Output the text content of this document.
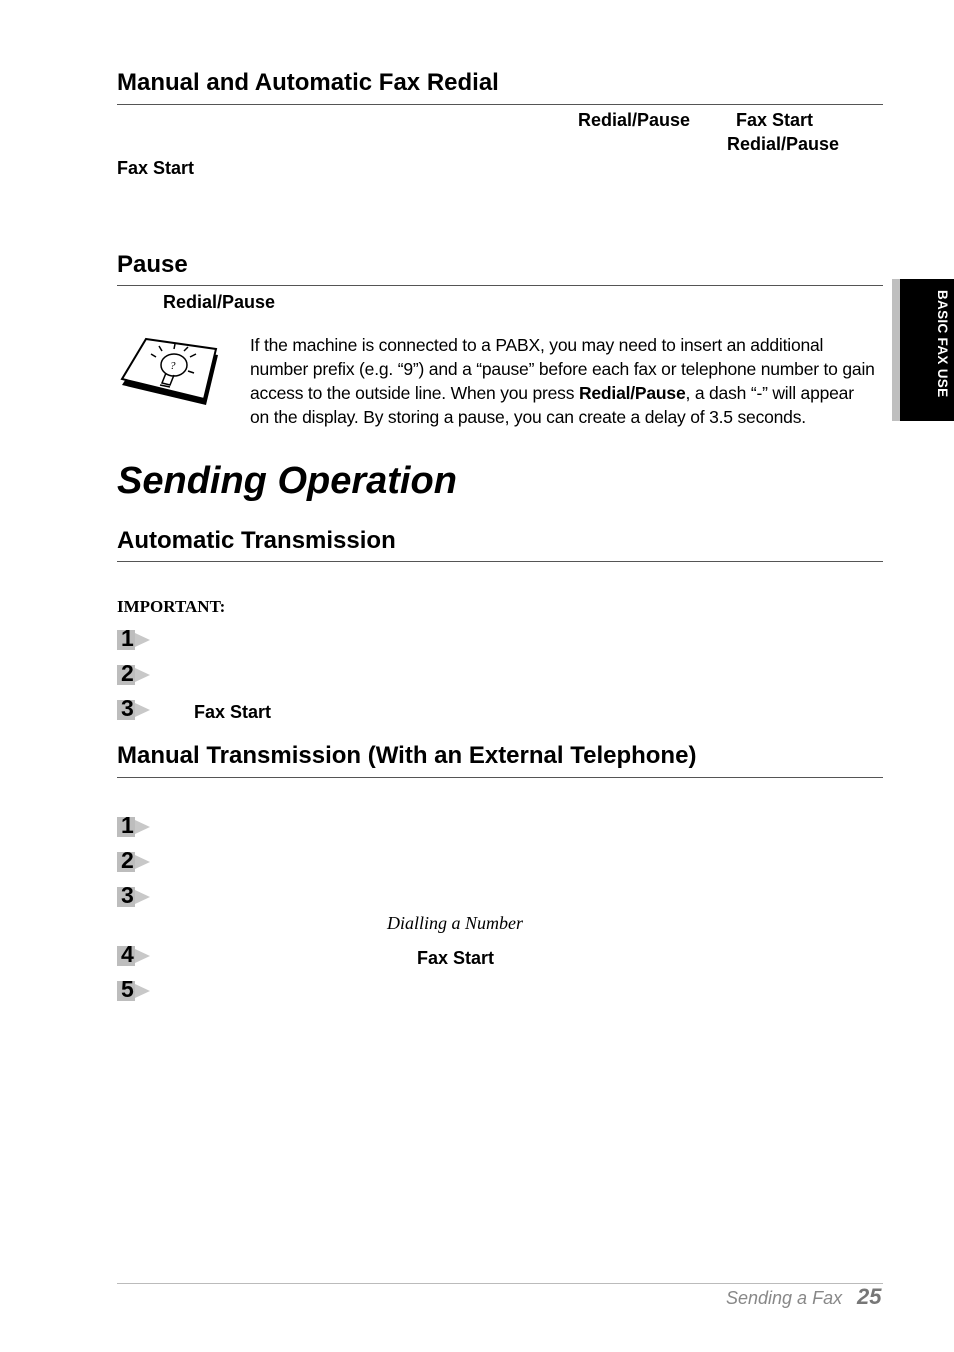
Manual and Automatic Fax Redial
Redial/Pause	Fax Start
Redial/Pause
Fax Start
Pause
Redial/Pause
?
If the machine is connected to a PABX, you may need to insert an additional number prefix (e.g. “9”) and a “pause” before each fax or telephone number to gain access to the outside line. When you press Redial/Pause, a dash “-” will appear on the display. By storing a pause, you can create a delay of 3.5 seconds.
Sending Operation
Automatic Transmission
IMPORTANT:
1
2
3	Fax Start
Manual Transmission (With an External Telephone)
1
2
3
Dialling a Number
4	Fax Start
5
BASIC FAX USE
Sending a Fax 25
